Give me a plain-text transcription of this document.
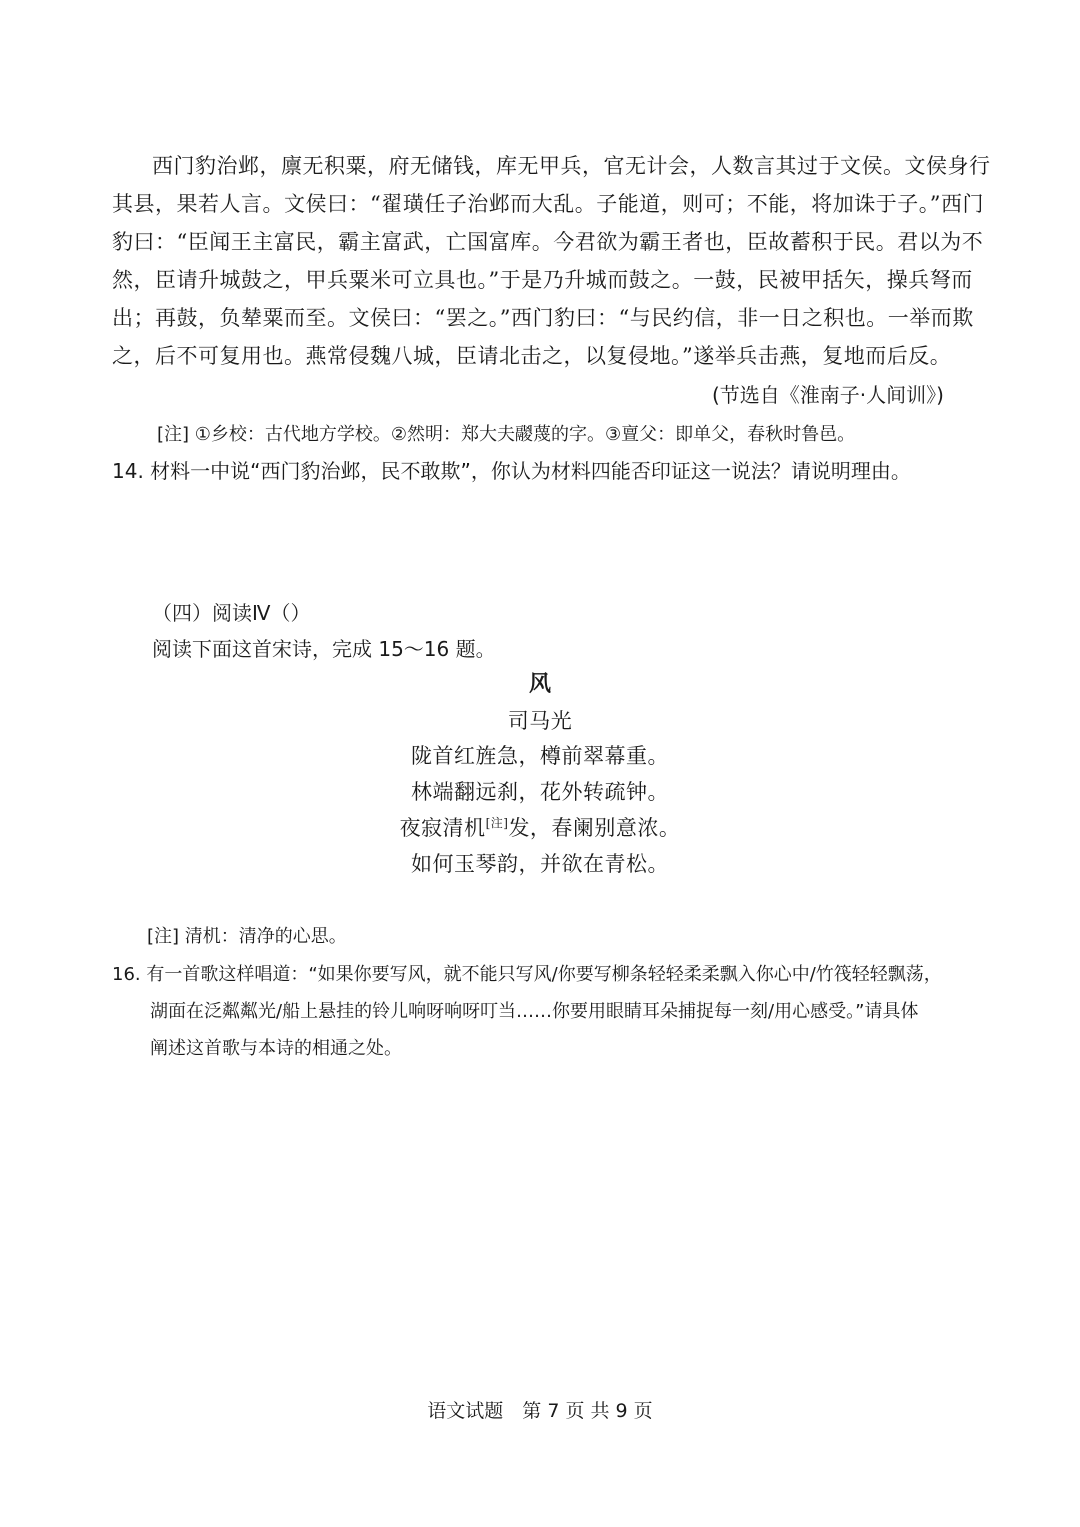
西门豹治邺，廪无积粟，府无储钱，库无甲兵，官无计会，人数言其过于文侯。文侯身行
其县，果若人言。文侯曰：“翟璜任子治邺而大乱。子能道，则可；不能，将加诛于子。”西门
豹曰：“臣闻王主富民，霸主富武，亡国富库。今君欲为霸王者也，臣故蓄积于民。君以为不
然，臣请升城鼓之，甲兵粟米可立具也。”于是乃升城而鼓之。一鼓，民被甲括矢，操兵弩而
出；再鼓，负辇粟而至。文侯曰：“罢之。”西门豹曰：“与民约信，非一日之积也。一举而欺
之，后不可复用也。燕常侵魏八城，臣请北击之，以复侵地。”遂举兵击燕，复地而后反。
(节选自《淮南子·人间训》)
[注] ①乡校：古代地方学校。②然明：郑大夫鬷蔑的字。③亶父：即单父，春秋时鲁邑。
14. 材料一中说“西门豹治邺，民不敢欺”，你认为材料四能否印证这一说法？请说明理由。
（四）阅读Ⅳ（）
阅读下面这首宋诗，完成 15～16 题。
风
司马光
陇首红旌急，樽前翠幕重。
林端翻远刹，花外转疏钟。
夜寂清机[注]发，春阑别意浓。
如何玉琴韵，并欲在青松。
[注] 清机：清净的心思。
16. 有一首歌这样唱道：“如果你要写风，就不能只写风/你要写柳条轻轻柔柔飘入你心中/竹筏轻轻飘荡，
湖面在泛粼粼光/船上悬挂的铃儿响呀响呀叮当……你要用眼睛耳朵捕捉每一刻/用心感受。”请具体
阐述这首歌与本诗的相通之处。
语文试题　第 7 页 共 9 页
